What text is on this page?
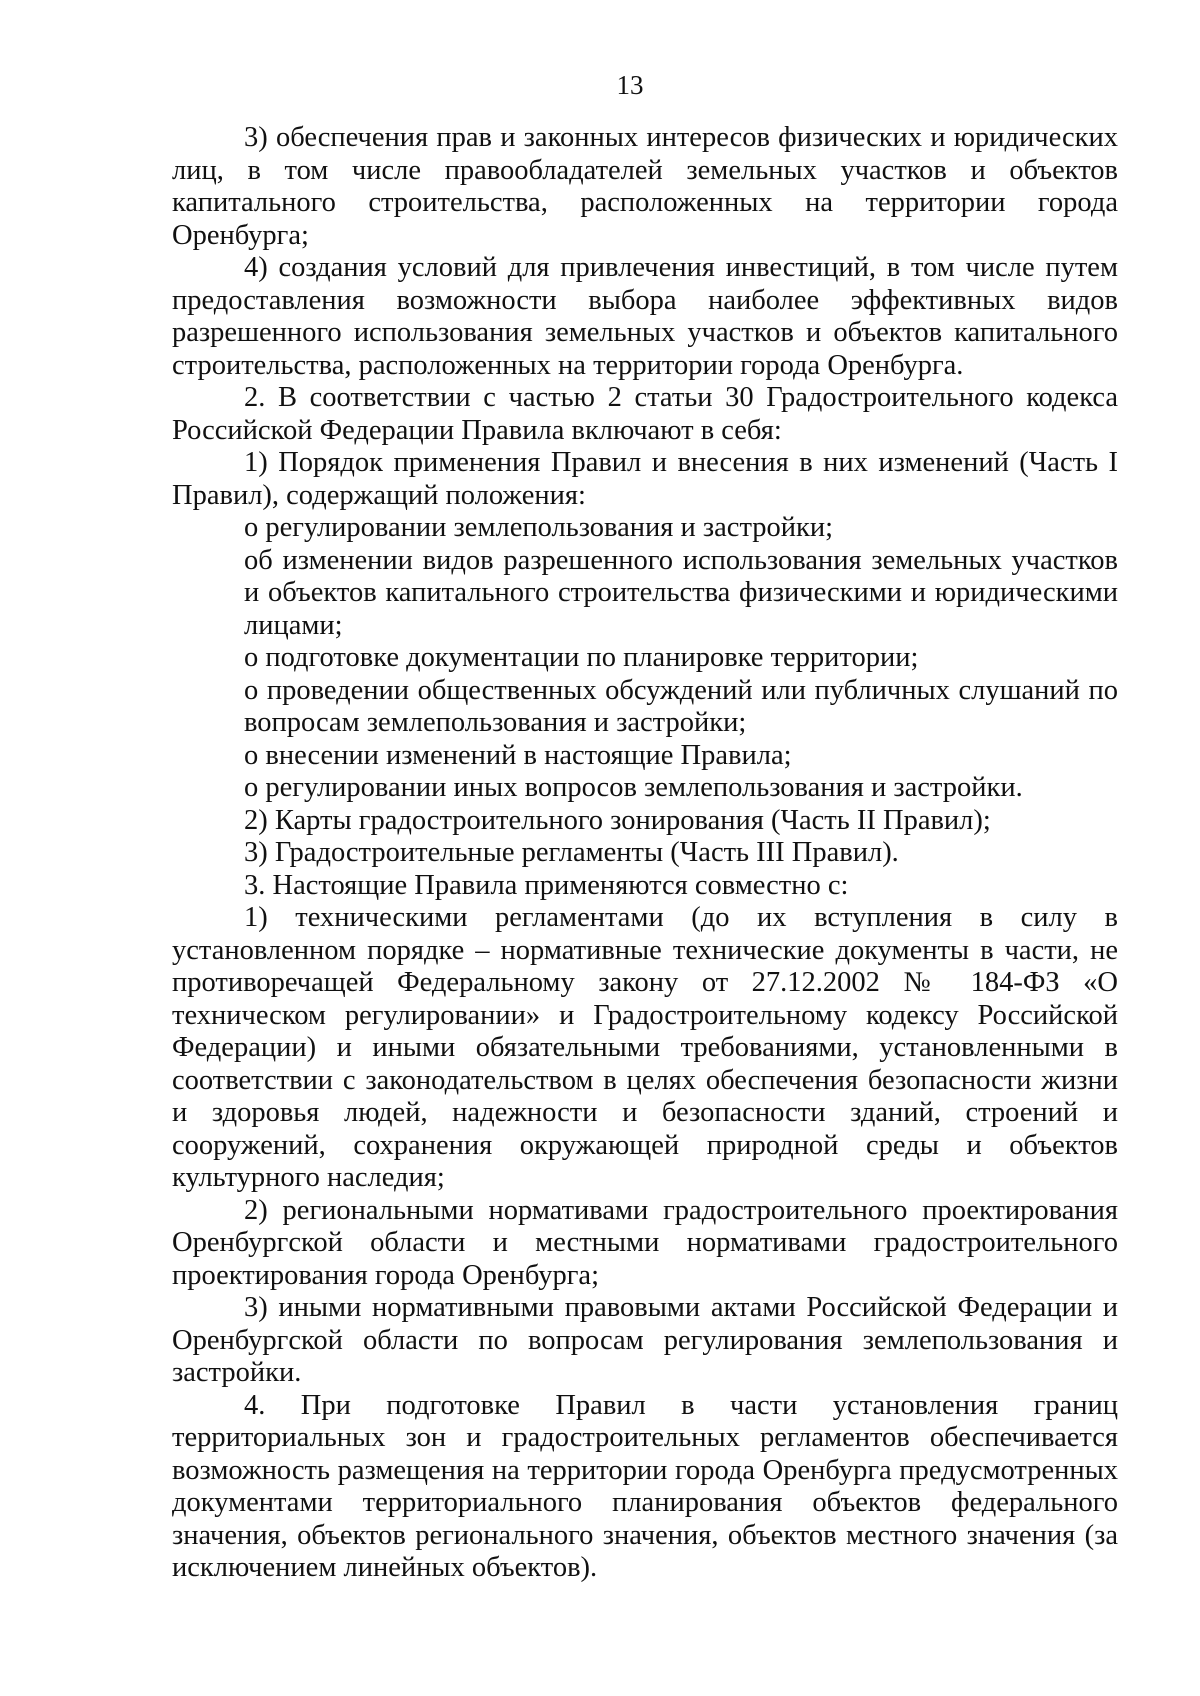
13

3) обеспечения прав и законных интересов физических и юридических лиц, в том числе правообладателей земельных участков и объектов капитального строительства, расположенных на территории города Оренбурга;

4) создания условий для привлечения инвестиций, в том числе путем предоставления возможности выбора наиболее эффективных видов разрешенного использования земельных участков и объектов капитального строительства, расположенных на территории города Оренбурга.

2. В соответствии с частью 2 статьи 30 Градостроительного кодекса Российской Федерации Правила включают в себя:

1) Порядок применения Правил и внесения в них изменений (Часть I Правил), содержащий положения:

о регулировании землепользования и застройки;

об изменении видов разрешенного использования земельных участков и объектов капитального строительства физическими и юридическими лицами;

о подготовке документации по планировке территории;

о проведении общественных обсуждений или публичных слушаний по вопросам землепользования и застройки;

о внесении изменений в настоящие Правила;

о регулировании иных вопросов землепользования и застройки.

2) Карты градостроительного зонирования (Часть II Правил);

3) Градостроительные регламенты (Часть III Правил).

3. Настоящие Правила применяются совместно с:

1) техническими регламентами (до их вступления в силу в установленном порядке – нормативные технические документы в части, не противоречащей Федеральному закону от 27.12.2002 № 184-ФЗ «О техническом регулировании» и Градостроительному кодексу Российской Федерации) и иными обязательными требованиями, установленными в соответствии с законодательством в целях обеспечения безопасности жизни и здоровья людей, надежности и безопасности зданий, строений и сооружений, сохранения окружающей природной среды и объектов культурного наследия;

2) региональными нормативами градостроительного проектирования Оренбургской области и местными нормативами градостроительного проектирования города Оренбурга;

3) иными нормативными правовыми актами Российской Федерации и Оренбургской области по вопросам регулирования землепользования и застройки.

4. При подготовке Правил в части установления границ территориальных зон и градостроительных регламентов обеспечивается возможность размещения на территории города Оренбурга предусмотренных документами территориального планирования объектов федерального значения, объектов регионального значения, объектов местного значения (за исключением линейных объектов).
